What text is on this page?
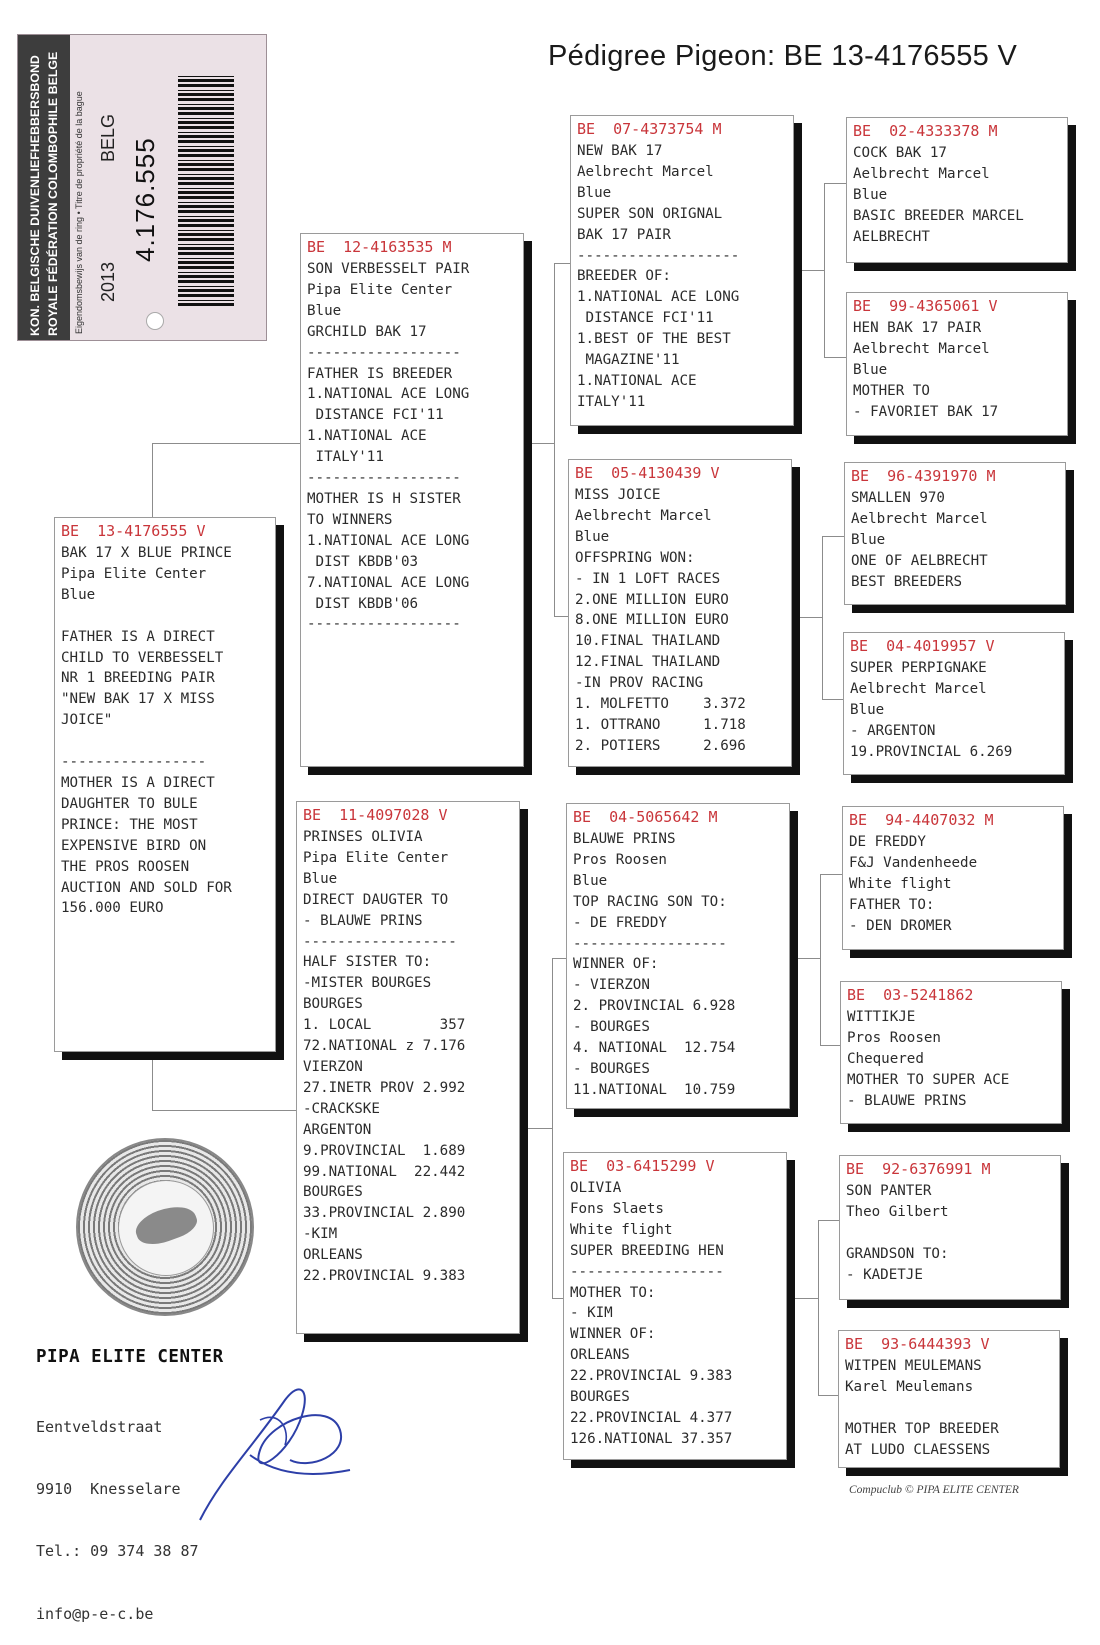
Pédigree Pigeon: BE 13-4176555 V
KON. BELGISCHE DUIVENLIEFHEBBERSBOND ROYALE FÉDÉRATION COLOMBOPHILE BELGE Eigendomsbewijs van de ring • Titre de propriété de la bague 2013
BELG 4.176.555
BE  13-4176555 V
BAK 17 X BLUE PRINCE
Pipa Elite Center
Blue

FATHER IS A DIRECT
CHILD TO VERBESSELT
NR 1 BREEDING PAIR
"NEW BAK 17 X MISS
JOICE"

-----------------
MOTHER IS A DIRECT
DAUGHTER TO BULE
PRINCE: THE MOST
EXPENSIVE BIRD ON
THE PROS ROOSEN
AUCTION AND SOLD FOR
156.000 EURO
BE  12-4163535 M
SON VERBESSELT PAIR
Pipa Elite Center
Blue
GRCHILD BAK 17
------------------
FATHER IS BREEDER
1.NATIONAL ACE LONG
DISTANCE FCI'11
1.NATIONAL ACE
ITALY'11
------------------
MOTHER IS H SISTER
TO WINNERS
1.NATIONAL ACE LONG
DIST KBDB'03
7.NATIONAL ACE LONG
DIST KBDB'06
------------------
BE  11-4097028 V
PRINSES OLIVIA
Pipa Elite Center
Blue
DIRECT DAUGTER TO
- BLAUWE PRINS
------------------
HALF SISTER TO:
-MISTER BOURGES
BOURGES
1. LOCAL        357
72.NATIONAL z 7.176
VIERZON
27.INETR PROV 2.992
-CRACKSKE
ARGENTON
9.PROVINCIAL  1.689
99.NATIONAL  22.442
BOURGES
33.PROVINCIAL 2.890
-KIM
ORLEANS
22.PROVINCIAL 9.383
BE  07-4373754 M
NEW BAK 17
Aelbrecht Marcel
Blue
SUPER SON ORIGNAL
BAK 17 PAIR
-------------------
BREEDER OF:
1.NATIONAL ACE LONG
DISTANCE FCI'11
1.BEST OF THE BEST
MAGAZINE'11
1.NATIONAL ACE
ITALY'11
BE  05-4130439 V
MISS JOICE
Aelbrecht Marcel
Blue
OFFSPRING WON:
- IN 1 LOFT RACES
2.ONE MILLION EURO
8.ONE MILLION EURO
10.FINAL THAILAND
12.FINAL THAILAND
-IN PROV RACING
1. MOLFETTO    3.372
1. OTTRANO     1.718
2. POTIERS     2.696
BE  04-5065642 M
BLAUWE PRINS
Pros Roosen
Blue
TOP RACING SON TO:
- DE FREDDY
------------------
WINNER OF:
- VIERZON
2. PROVINCIAL 6.928
- BOURGES
4. NATIONAL  12.754
- BOURGES
11.NATIONAL  10.759
BE  03-6415299 V
OLIVIA
Fons Slaets
White flight
SUPER BREEDING HEN
------------------
MOTHER TO:
- KIM
WINNER OF:
ORLEANS
22.PROVINCIAL 9.383
BOURGES
22.PROVINCIAL 4.377
126.NATIONAL 37.357
BE  02-4333378 M
COCK BAK 17
Aelbrecht Marcel
Blue
BASIC BREEDER MARCEL
AELBRECHT
BE  99-4365061 V
HEN BAK 17 PAIR
Aelbrecht Marcel
Blue
MOTHER TO
- FAVORIET BAK 17
BE  96-4391970 M
SMALLEN 970
Aelbrecht Marcel
Blue
ONE OF AELBRECHT
BEST BREEDERS
BE  04-4019957 V
SUPER PERPIGNAKE
Aelbrecht Marcel
Blue
- ARGENTON
19.PROVINCIAL 6.269
BE  94-4407032 M
DE FREDDY
F&J Vandenheede
White flight
FATHER TO:
- DEN DROMER
BE  03-5241862
WITTIKJE
Pros Roosen
Chequered
MOTHER TO SUPER ACE
- BLAUWE PRINS
BE  92-6376991 M
SON PANTER
Theo Gilbert

GRANDSON TO:
- KADETJE
BE  93-6444393 V
WITPEN MEULEMANS
Karel Meulemans

MOTHER TOP BREEDER
AT LUDO CLAESSENS
PIPA ELITE CENTER

Eentveldstraat

9910  Knesselare

Tel.: 09 374 38 87

info@p-e-c.be

Compuclub © PIPA ELITE CENTER
